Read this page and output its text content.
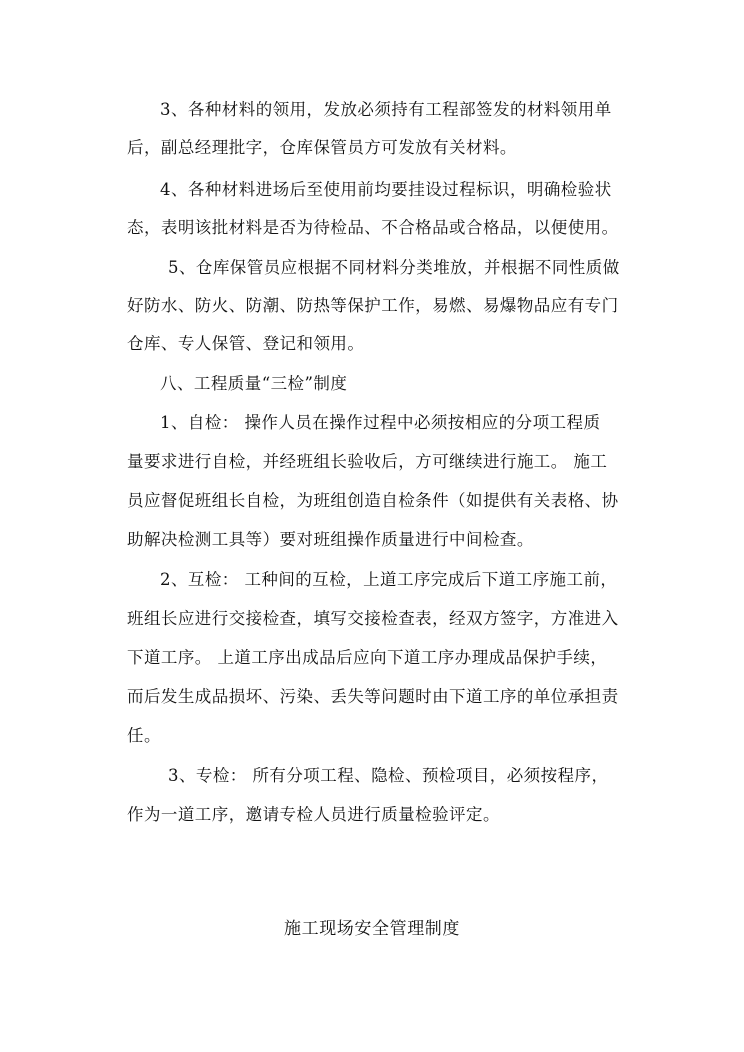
3、各种材料的领用，发放必须持有工程部签发的材料领用单
后，副总经理批字，仓库保管员方可发放有关材料。
4、各种材料进场后至使用前均要挂设过程标识，明确检验状
态，表明该批材料是否为待检品、不合格品或合格品，以便使用。
5、仓库保管员应根据不同材料分类堆放，并根据不同性质做
好防水、防火、防潮、防热等保护工作，易燃、易爆物品应有专门
仓库、专人保管、登记和领用。
八、工程质量“三检”制度
1、自检： 操作人员在操作过程中必须按相应的分项工程质
量要求进行自检，并经班组长验收后，方可继续进行施工。 施工
员应督促班组长自检，为班组创造自检条件（如提供有关表格、协
助解决检测工具等）要对班组操作质量进行中间检查。
2、互检： 工种间的互检，上道工序完成后下道工序施工前，
班组长应进行交接检查，填写交接检查表，经双方签字，方准进入
下道工序。 上道工序出成品后应向下道工序办理成品保护手续，
而后发生成品损坏、污染、丢失等问题时由下道工序的单位承担责
任。
3、专检： 所有分项工程、隐检、预检项目，必须按程序，
作为一道工序，邀请专检人员进行质量检验评定。
施工现场安全管理制度
